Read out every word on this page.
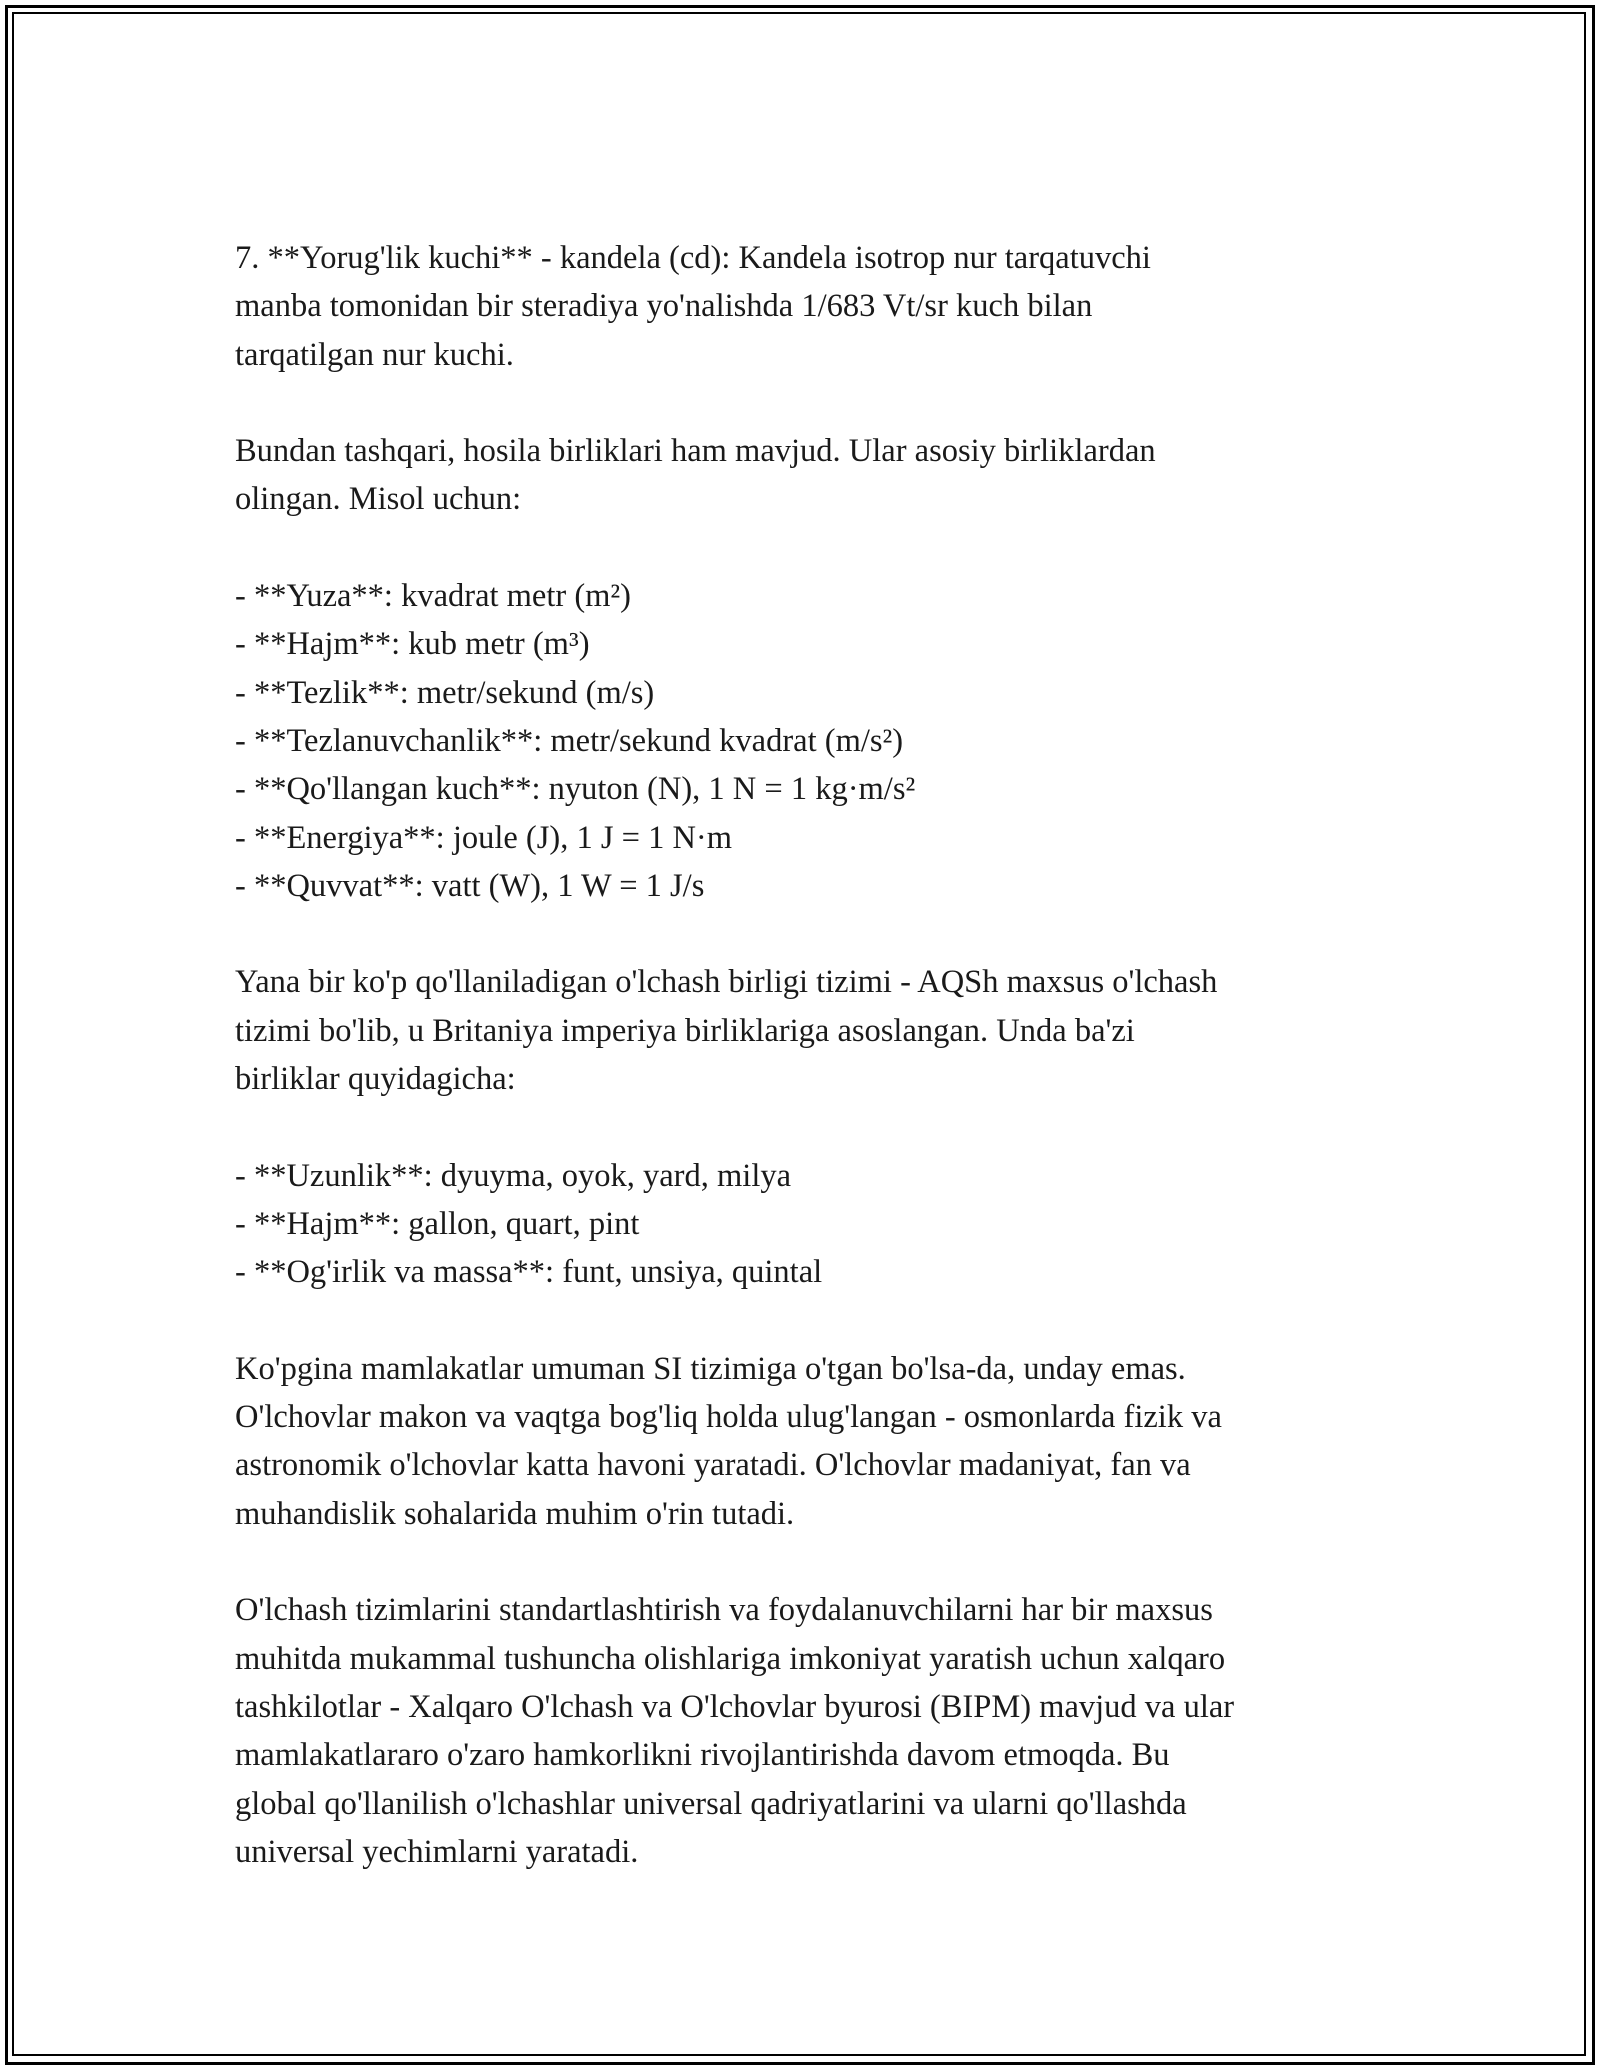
7. **Yorug'lik kuchi** - kandela (cd): Kandela isotrop nur tarqatuvchi
manba tomonidan bir steradiya yo'nalishda 1/683 Vt/sr kuch bilan
tarqatilgan nur kuchi.

Bundan tashqari, hosila birliklari ham mavjud. Ular asosiy birliklardan
olingan. Misol uchun:

- **Yuza**: kvadrat metr (m²)
- **Hajm**: kub metr (m³)
- **Tezlik**: metr/sekund (m/s)
- **Tezlanuvchanlik**: metr/sekund kvadrat (m/s²)
- **Qo'llangan kuch**: nyuton (N), 1 N = 1 kg·m/s²
- **Energiya**: joule (J), 1 J = 1 N·m
- **Quvvat**: vatt (W), 1 W = 1 J/s

Yana bir ko'p qo'llaniladigan o'lchash birligi tizimi - AQSh maxsus o'lchash
tizimi bo'lib, u Britaniya imperiya birliklariga asoslangan. Unda ba'zi
birliklar quyidagicha:

- **Uzunlik**: dyuyma, oyok, yard, milya
- **Hajm**: gallon, quart, pint
- **Og'irlik va massa**: funt, unsiya, quintal

Ko'pgina mamlakatlar umuman SI tizimiga o'tgan bo'lsa-da, unday emas.
O'lchovlar makon va vaqtga bog'liq holda ulug'langan - osmonlarda fizik va
astronomik o'lchovlar katta havoni yaratadi. O'lchovlar madaniyat, fan va
muhandislik sohalarida muhim o'rin tutadi.

O'lchash tizimlarini standartlashtirish va foydalanuvchilarni har bir maxsus
muhitda mukammal tushuncha olishlariga imkoniyat yaratish uchun xalqaro
tashkilotlar - Xalqaro O'lchash va O'lchovlar byurosi (BIPM) mavjud va ular
mamlakatlararo o'zaro hamkorlikni rivojlantirishda davom etmoqda. Bu
global qo'llanilish o'lchashlar universal qadriyatlarini va ularni qo'llashda
universal yechimlarni yaratadi.
